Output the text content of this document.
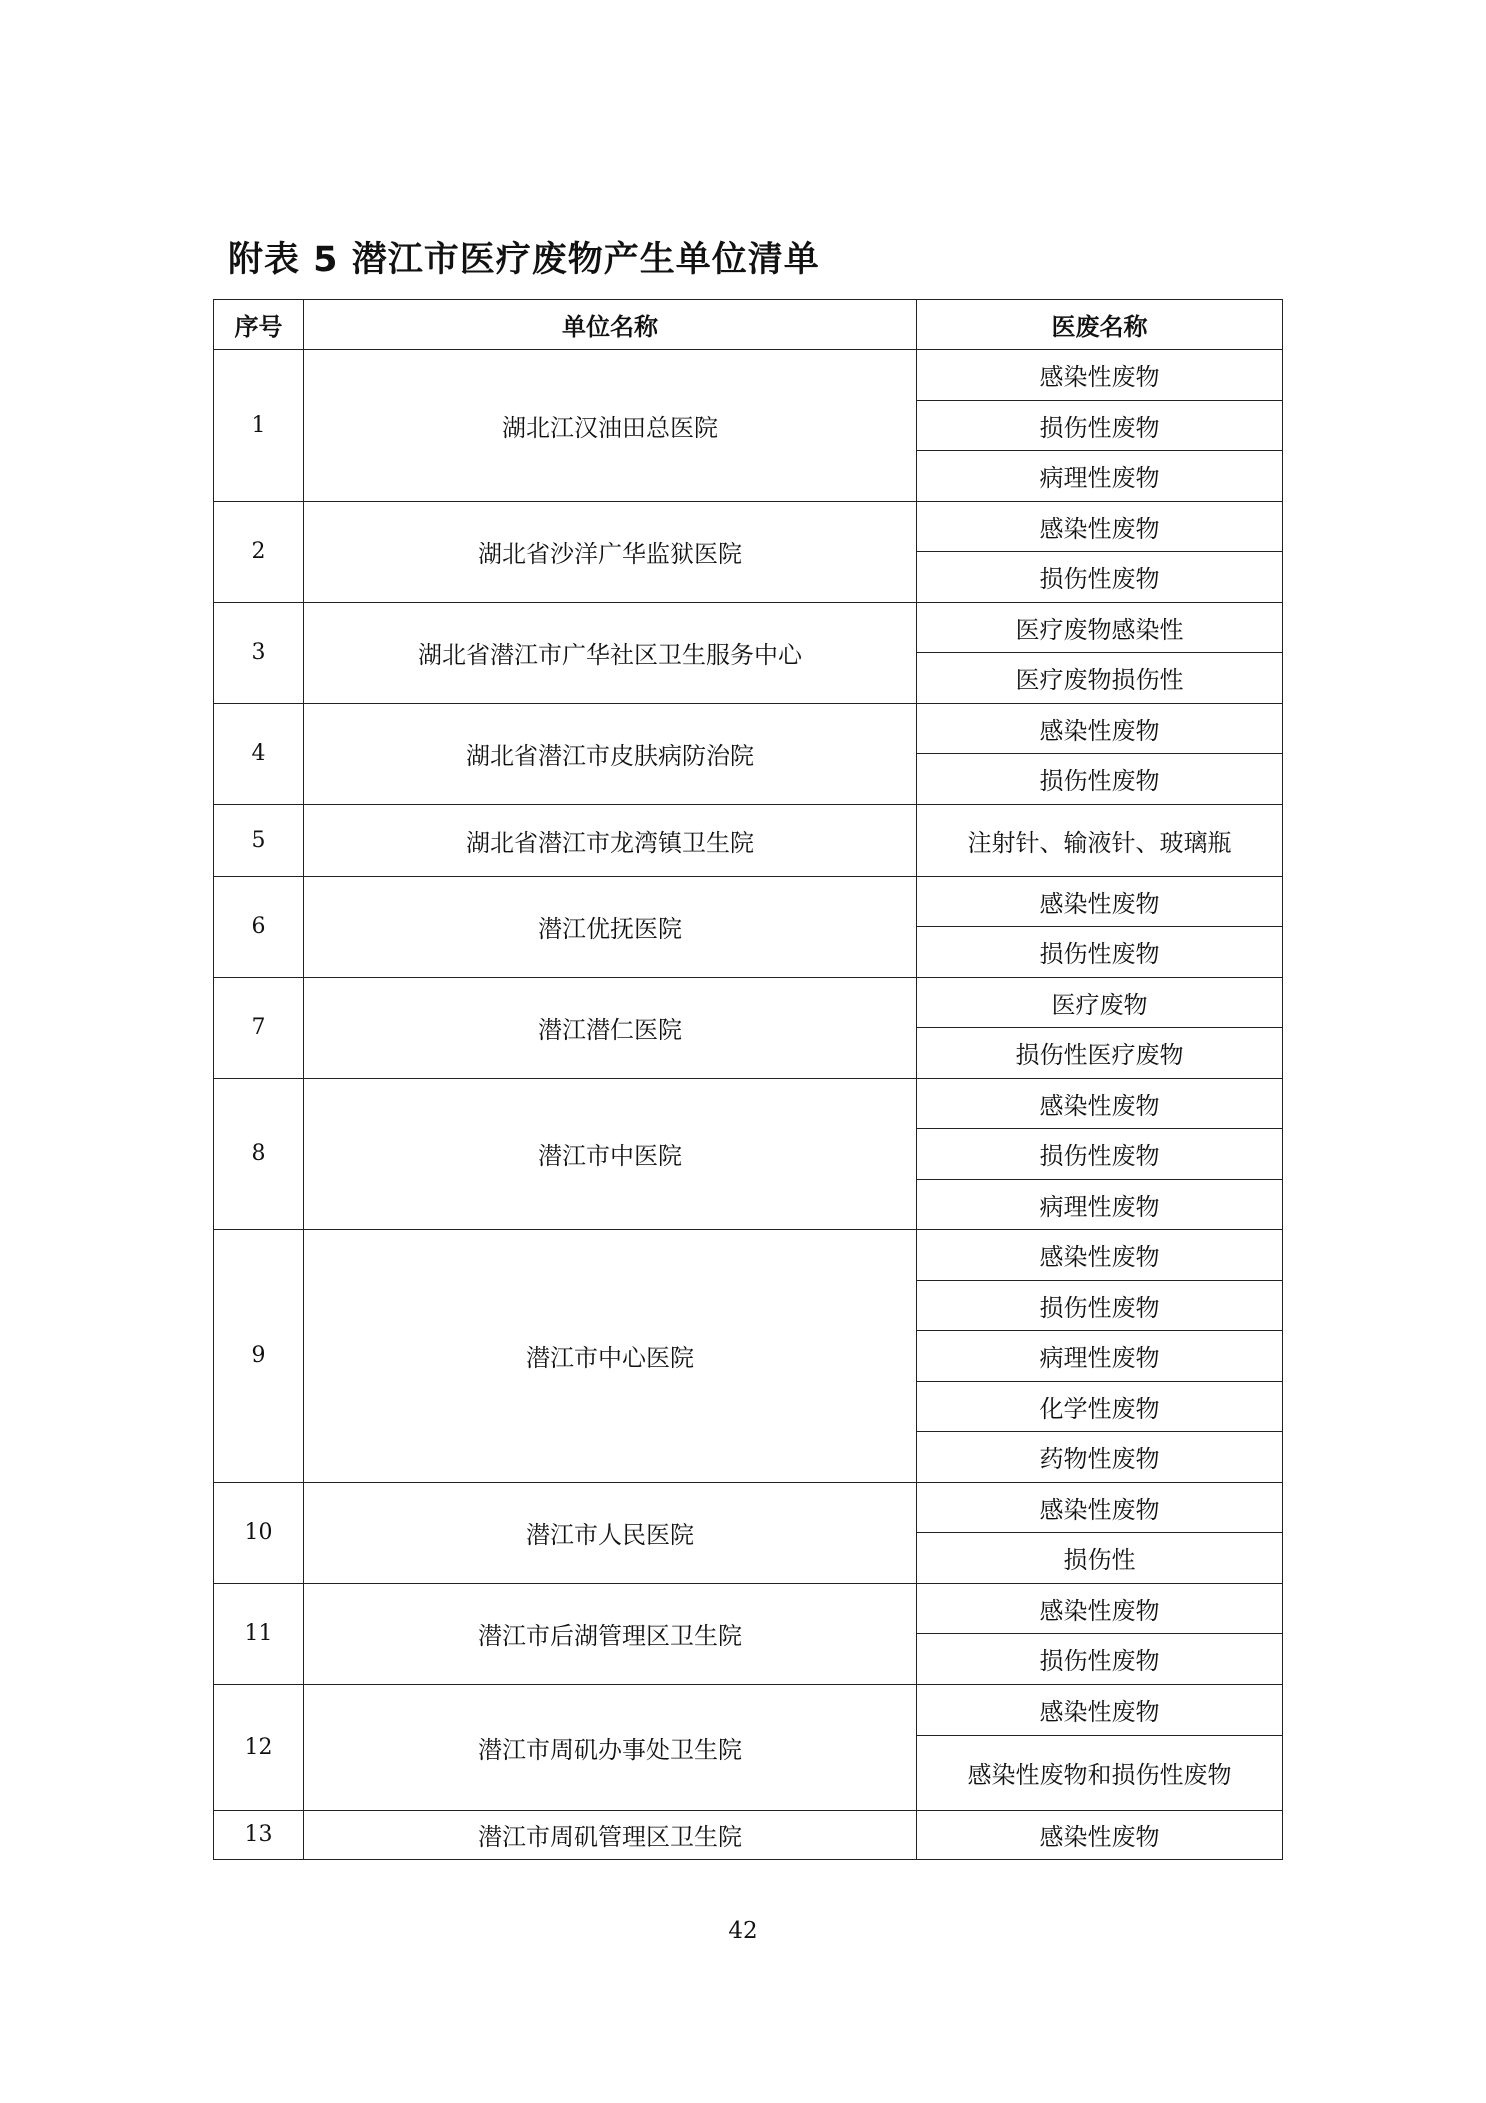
附表 5 潜江市医疗废物产生单位清单
序号	单位名称	医废名称
1	湖北江汉油田总医院	感染性废物
		损伤性废物
		病理性废物
2	湖北省沙洋广华监狱医院	感染性废物
		损伤性废物
3	湖北省潜江市广华社区卫生服务中心	医疗废物感染性
		医疗废物损伤性
4	湖北省潜江市皮肤病防治院	感染性废物
		损伤性废物
5	湖北省潜江市龙湾镇卫生院	注射针、输液针、玻璃瓶
6	潜江优抚医院	感染性废物
		损伤性废物
7	潜江潜仁医院	医疗废物
		损伤性医疗废物
8	潜江市中医院	感染性废物
		损伤性废物
		病理性废物
9	潜江市中心医院	感染性废物
		损伤性废物
		病理性废物
		化学性废物
		药物性废物
10	潜江市人民医院	感染性废物
		损伤性
11	潜江市后湖管理区卫生院	感染性废物
		损伤性废物
12	潜江市周矶办事处卫生院	感染性废物
		感染性废物和损伤性废物
13	潜江市周矶管理区卫生院	感染性废物
42
